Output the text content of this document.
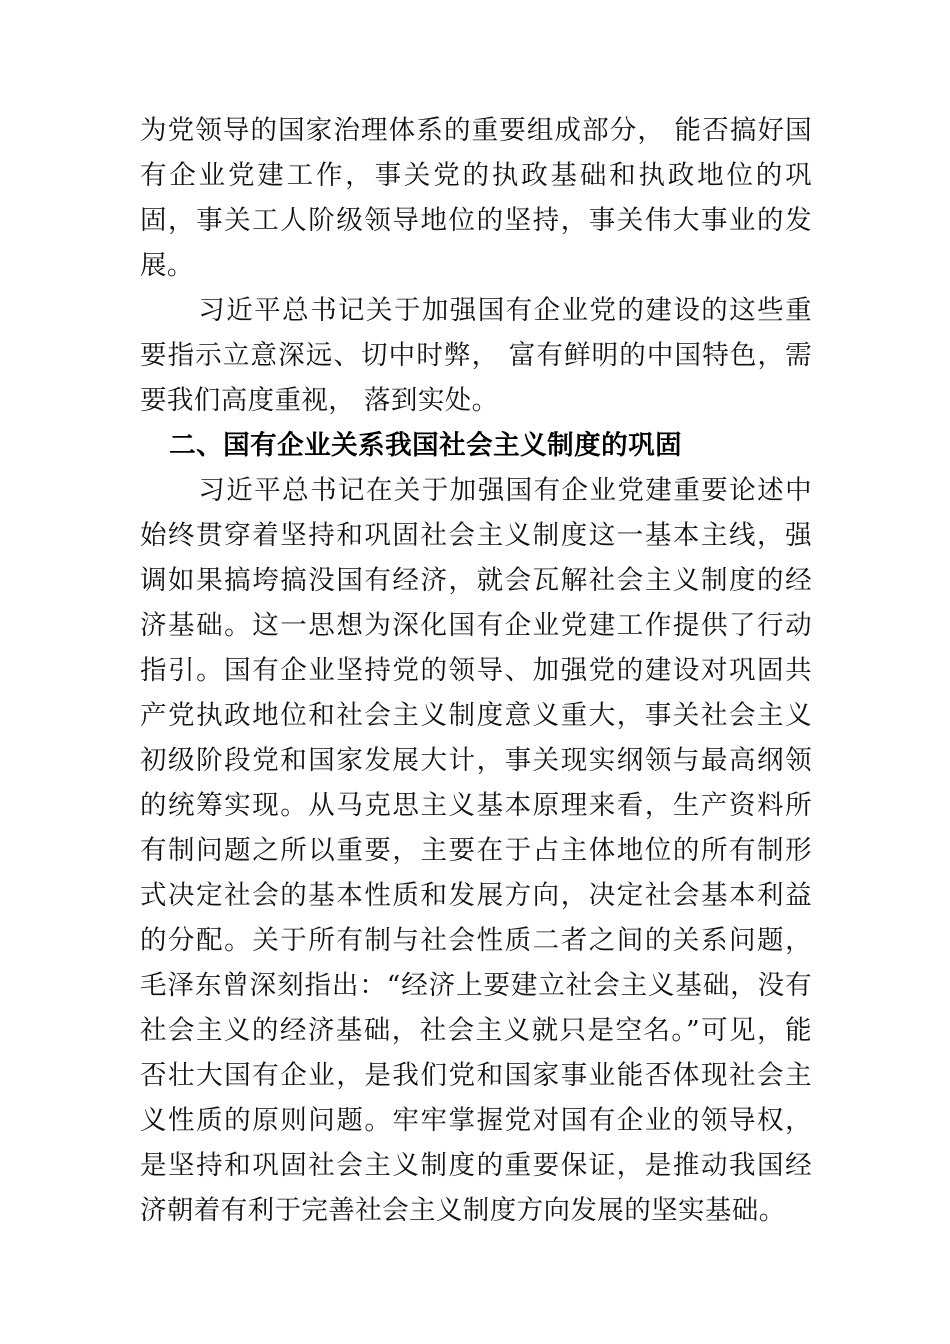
为党领导的国家治理体系的重要组成部分， 能否搞好国有企业党建工作，事关党的执政基础和执政地位的巩固，事关工人阶级领导地位的坚持，事关伟大事业的发展。

习近平总书记关于加强国有企业党的建设的这些重要指示立意深远、切中时弊， 富有鲜明的中国特色，需要我们高度重视， 落到实处。

二、国有企业关系我国社会主义制度的巩固

习近平总书记在关于加强国有企业党建重要论述中始终贯穿着坚持和巩固社会主义制度这一基本主线，强调如果搞垮搞没国有经济，就会瓦解社会主义制度的经济基础。这一思想为深化国有企业党建工作提供了行动指引。国有企业坚持党的领导、加强党的建设对巩固共产党执政地位和社会主义制度意义重大，事关社会主义初级阶段党和国家发展大计，事关现实纲领与最高纲领的统筹实现。从马克思主义基本原理来看，生产资料所有制问题之所以重要，主要在于占主体地位的所有制形式决定社会的基本性质和发展方向，决定社会基本利益的分配。关于所有制与社会性质二者之间的关系问题，毛泽东曾深刻指出：“经济上要建立社会主义基础，没有社会主义的经济基础，社会主义就只是空名。”可见，能否壮大国有企业，是我们党和国家事业能否体现社会主义性质的原则问题。牢牢掌握党对国有企业的领导权，是坚持和巩固社会主义制度的重要保证，是推动我国经济朝着有利于完善社会主义制度方向发展的坚实基础。
